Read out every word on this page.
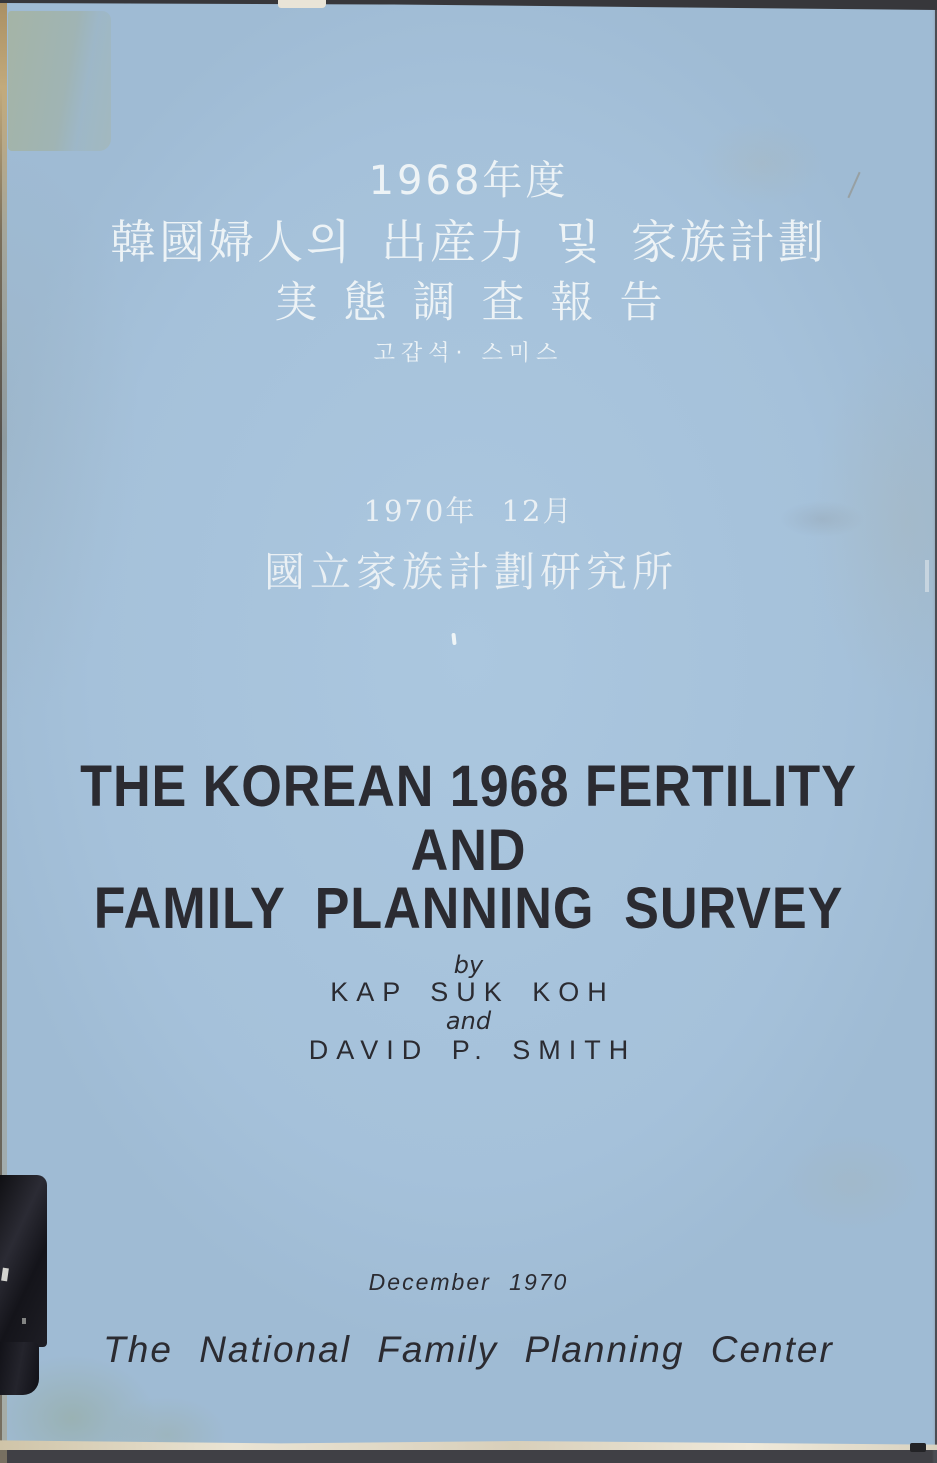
1968年度
韓國婦人의 出産力 및 家族計劃
実態調査報告
고갑석· 스미스
1970年 12月
國立家族計劃研究所
THE KOREAN 1968 FERTILITY
AND
FAMILY PLANNING SURVEY
by
KAP SUK KOH
and
DAVID P. SMITH
December 1970
The National Family Planning Center
